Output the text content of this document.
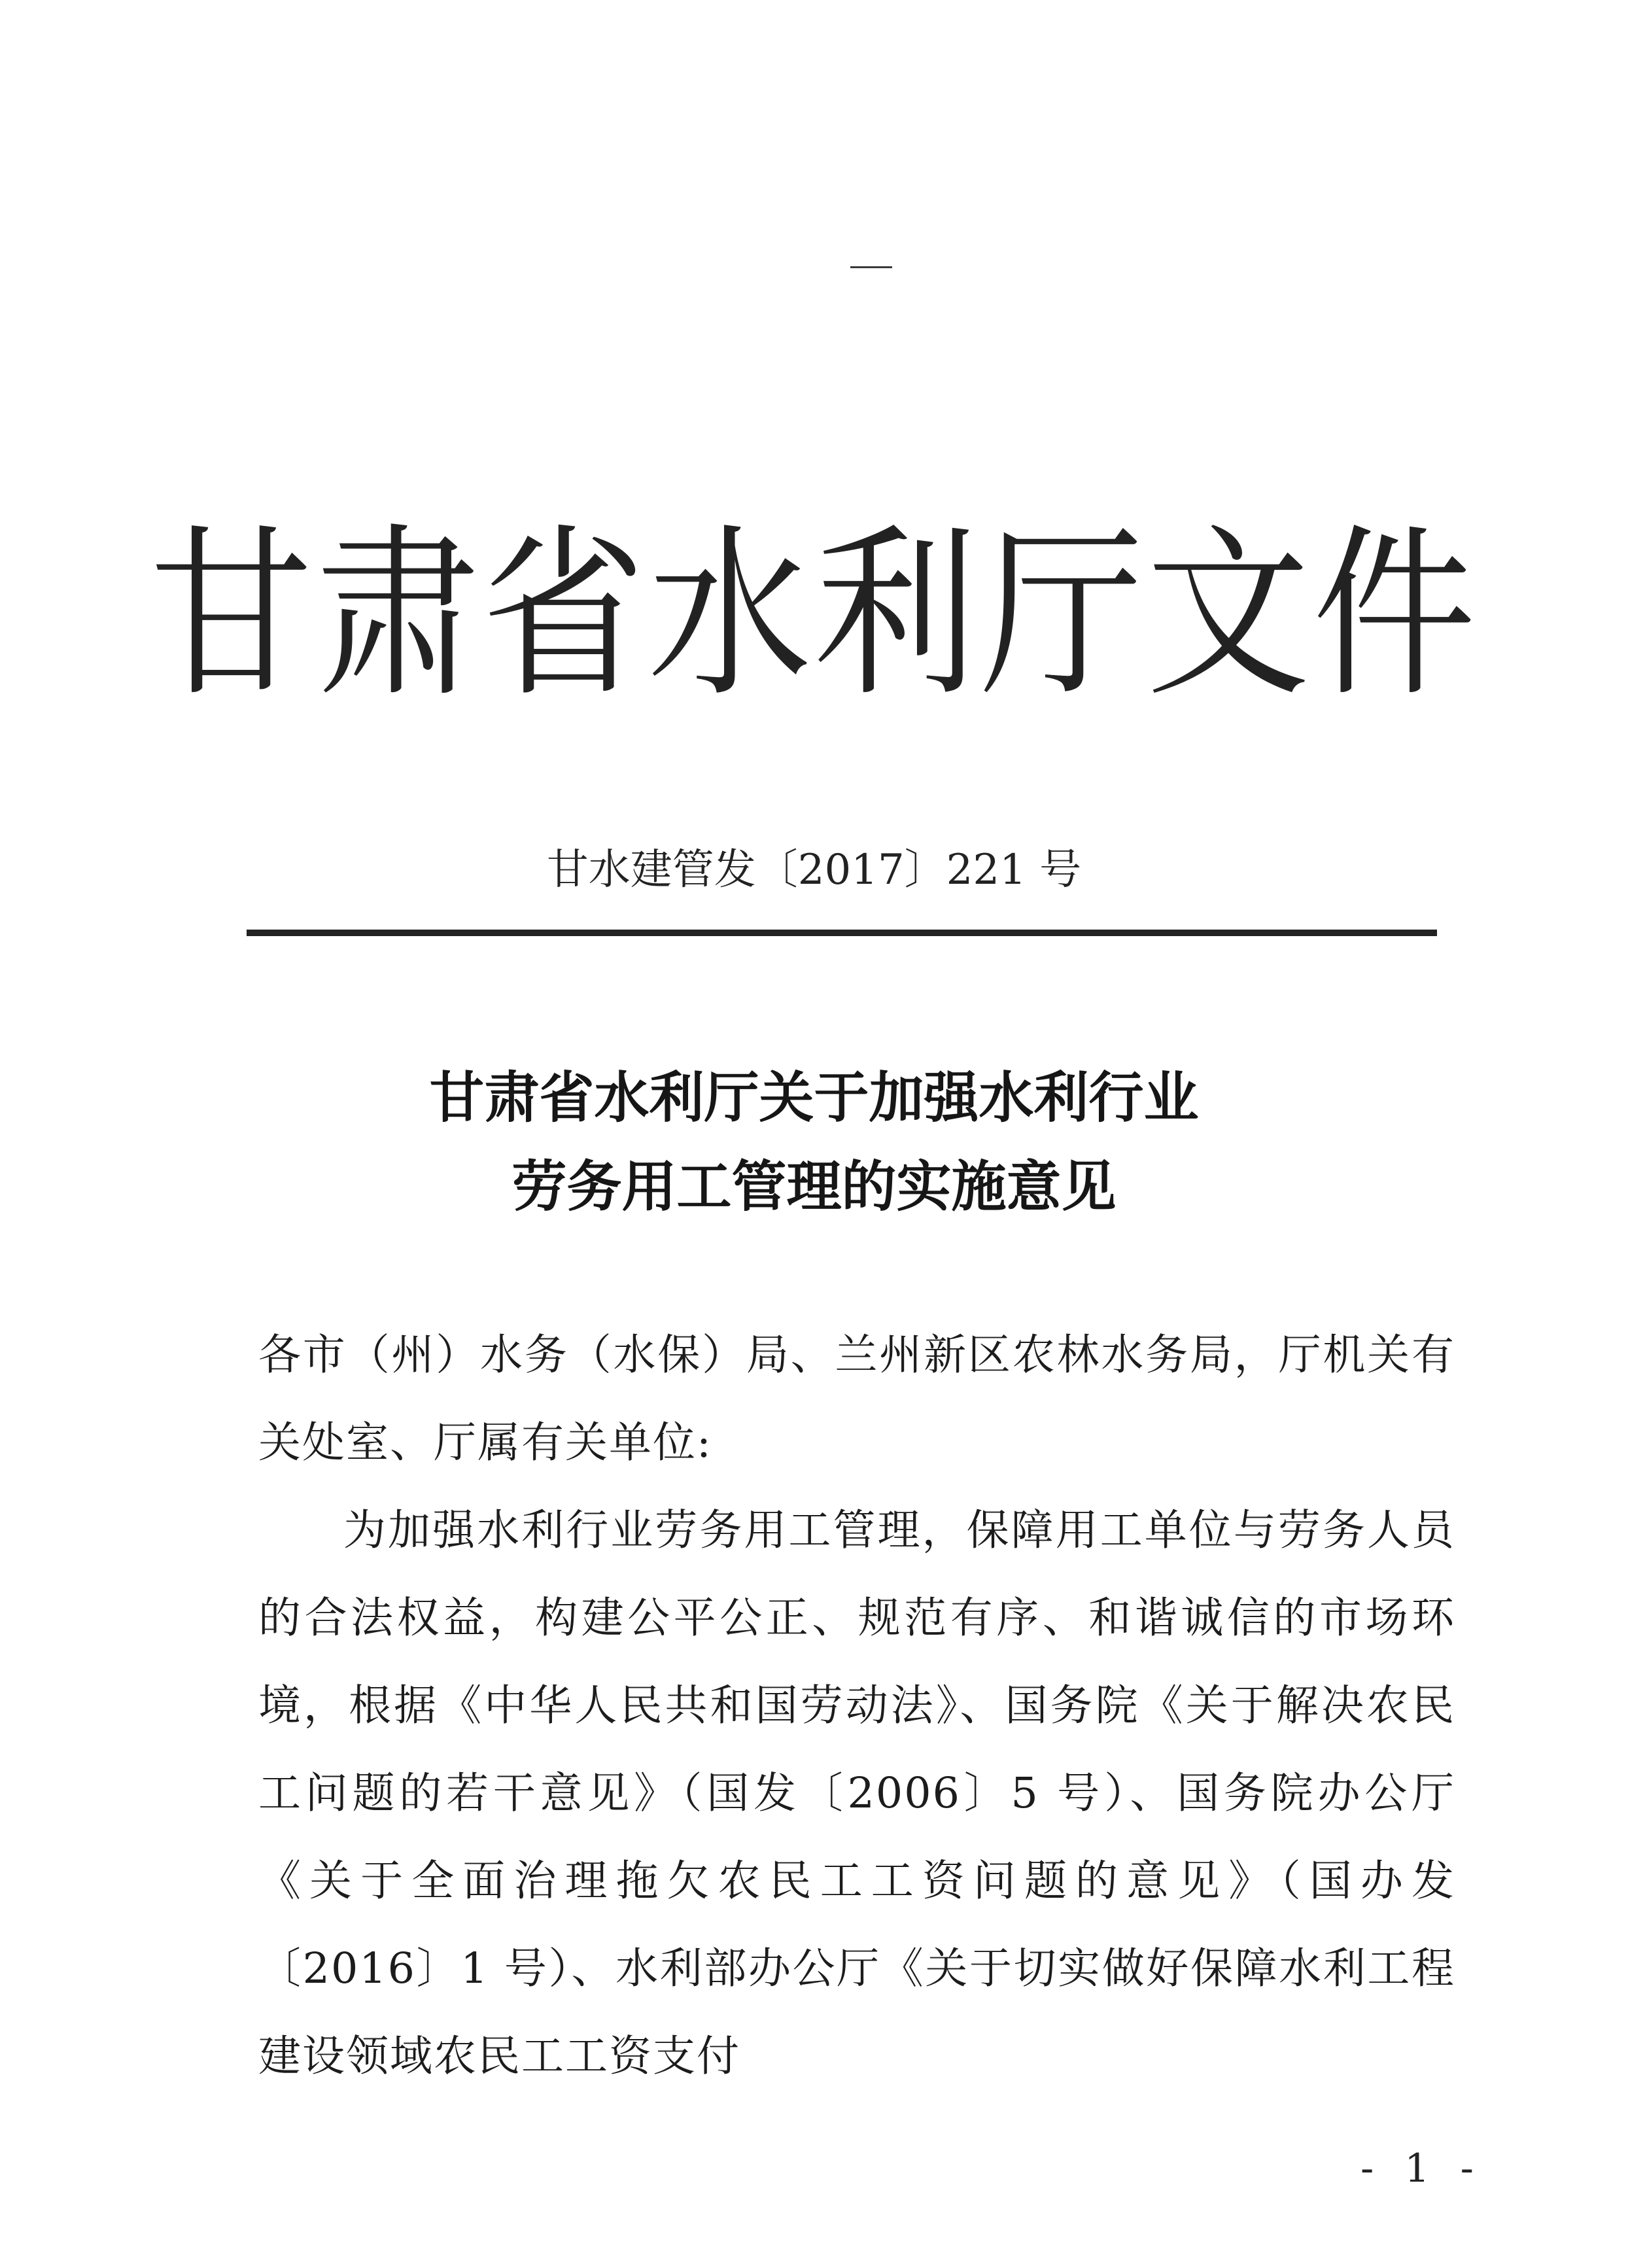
甘肃省水利厅文件
甘水建管发〔2017〕221 号
甘肃省水利厅关于加强水利行业
劳务用工管理的实施意见

各市（州）水务（水保）局、兰州新区农林水务局，厅机关有关处室、厅属有关单位:

为加强水利行业劳务用工管理，保障用工单位与劳务人员的合法权益，构建公平公正、规范有序、和谐诚信的市场环境，根据《中华人民共和国劳动法》、国务院《关于解决农民工问题的若干意见》（国发〔2006〕5 号）、国务院办公厅《关于全面治理拖欠农民工工资问题的意见》（国办发〔2016〕1 号）、水利部办公厅《关于切实做好保障水利工程建设领域农民工工资支付

- 1 -
